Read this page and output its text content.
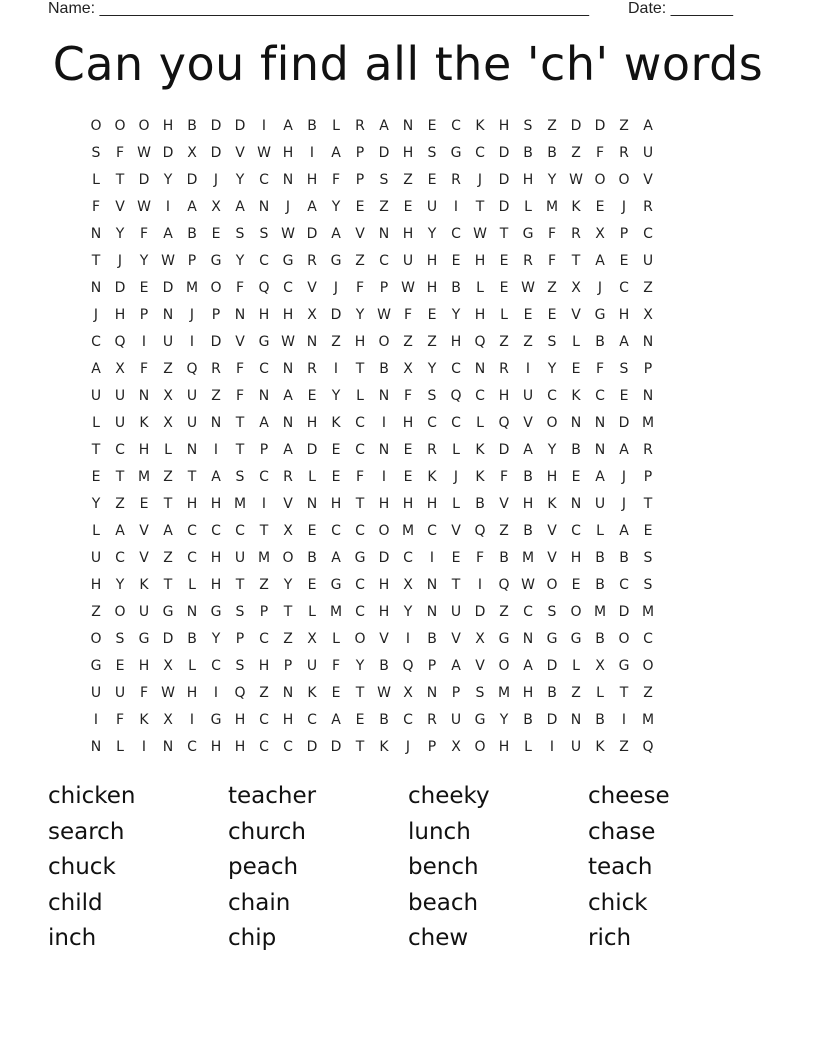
Name: _______________________________________________________ Date: _______
Can you find all the 'ch' words
O O O H B D D	I	A	B	L	R	A N	E	C	K	H	S	Z D D Z	A
S	F W D X D V W H	I	A	P	D H	S	G C D B	B	Z	F	R	U
L	T	D	Y	D	J	Y	C N H	F	P	S	Z	E	R	J	D H	Y W O O V
F	V W	I	A	X	A N	J	A	Y	E	Z	E	U	I	T	D	L	M K	E	J	R
N	Y	F	A	B	E	S	S W D A	V N H	Y	C W T	G	F	R	X	P	C
T	J	Y W P	G	Y	C G R G Z	C U H	E	H	E	R	F	T	A	E	U
N D	E	D M O	F	Q C	V	J	F	P W H B	L	E W Z	X	J	C	Z
J	H	P	N	J	P	N H H X D	Y W F	E	Y	H	L	E	E	V G H X
C Q	I	U	I	D V G W N Z H O Z	Z H Q Z	Z	S	L	B	A N
A	X	F	Z Q R	F	C N R	I	T	B	X	Y	C N R	I	Y	E	F	S	P
U U N X	U	Z	F	N A	E	Y	L	N	F	S	Q C H U C	K	C	E	N
L	U	K	X	U N	T	A N H	K	C	I	H C	C	L	Q V O N N D M
T	C H	L	N	I	T	P	A D	E	C N	E	R	L	K	D A	Y	B N A	R
E	T M Z	T	A	S	C	R	L	E	F	I	E	K	J	K	F	B H	E	A	J	P
Y	Z	E	T	H H M	I	V N H	T	H H H	L	B	V H	K	N U	J	T
L	A	V	A	C	C	C	T	X	E	C	C O M C	V Q Z	B	V	C	L	A	E
U C	V	Z	C H U M O B	A G D C	I	E	F	B M V H B	B	S
H	Y	K	T	L	H	T	Z	Y	E	G C H X N	T	I	Q W O	E	B	C	S
Z O U G N G	S	P	T	L	M C H	Y	N U D Z	C	S	O M D M
O	S	G D B	Y	P	C	Z	X	L	O V	I	B	V	X G N G G B O C
G	E	H X	L	C	S	H	P	U	F	Y	B Q	P	A	V O A D	L	X G O
U U	F W H	I	Q Z N	K	E	T W X N	P	S M H B	Z	L	T	Z
I	F	K	X	I	G H C H C	A	E	B	C	R	U G	Y	B D N B	I	M
N	L	I	N C H H C	C D D	T	K	J	P	X O H	L	I	U	K	Z Q
chicken	teacher	cheeky	cheese
search	church	lunch	chase
chuck	peach	bench	teach
child	chain	beach	chick
inch	chip	chew	rich
